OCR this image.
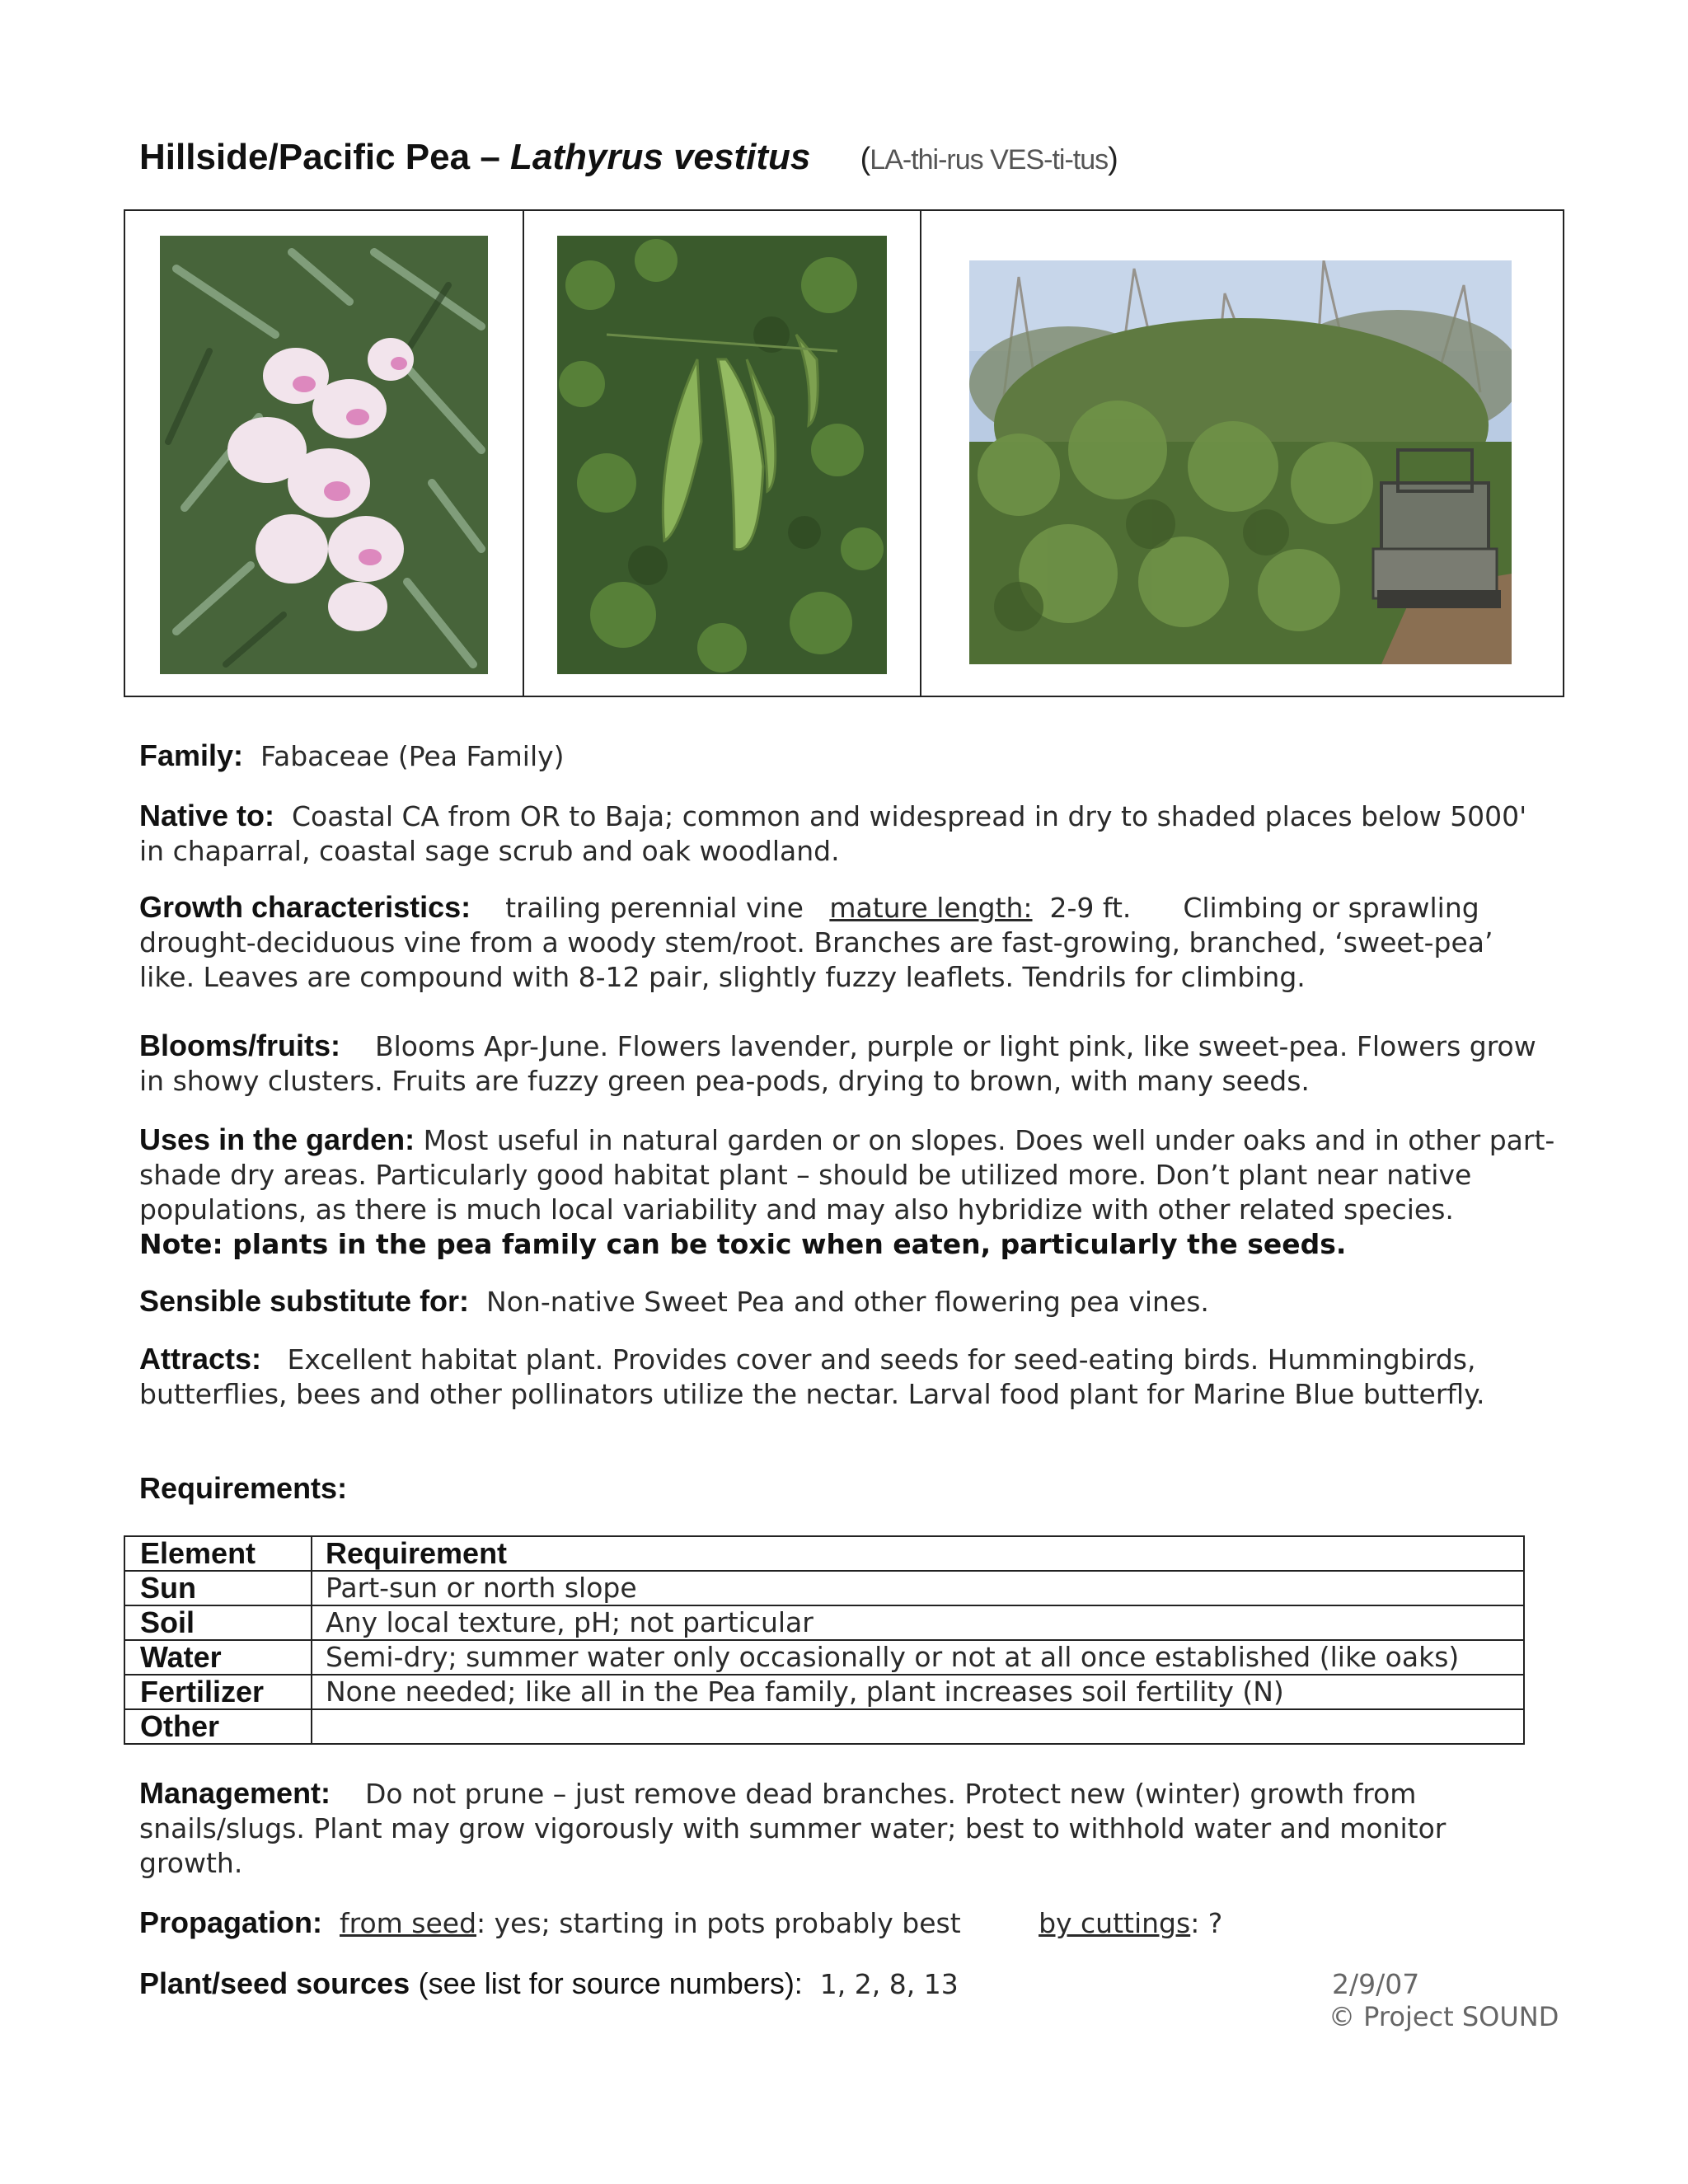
Hillside/Pacific Pea – Lathyrus vestitus (LA-thi-rus VES-ti-tus)
Family: Fabaceae (Pea Family)
Native to: Coastal CA from OR to Baja; common and widespread in dry to shaded places below 5000' in chaparral, coastal sage scrub and oak woodland.
Growth characteristics: trailing perennial vine mature length: 2-9 ft. Climbing or sprawling drought-deciduous vine from a woody stem/root. Branches are fast-growing, branched, ‘sweet-pea’ like. Leaves are compound with 8-12 pair, slightly fuzzy leaflets. Tendrils for climbing.
Blooms/fruits: Blooms Apr-June. Flowers lavender, purple or light pink, like sweet-pea. Flowers grow in showy clusters. Fruits are fuzzy green pea-pods, drying to brown, with many seeds.
Uses in the garden: Most useful in natural garden or on slopes. Does well under oaks and in other part-shade dry areas. Particularly good habitat plant – should be utilized more. Don’t plant near native populations, as there is much local variability and may also hybridize with other related species.   Note: plants in the pea family can be toxic when eaten, particularly the seeds.
Sensible substitute for: Non-native Sweet Pea and other flowering pea vines.
Attracts: Excellent habitat plant. Provides cover and seeds for seed-eating birds. Hummingbirds, butterflies, bees and other pollinators utilize the nectar. Larval food plant for Marine Blue butterfly.
Requirements:
Element	Requirement
Sun	Part-sun or north slope
Soil	Any local texture, pH; not particular
Water	Semi-dry; summer water only occasionally or not at all once established (like oaks)
Fertilizer	None needed; like all in the Pea family, plant increases soil fertility (N)
Other	
Management: Do not prune – just remove dead branches. Protect new (winter) growth from snails/slugs. Plant may grow vigorously with summer water; best to withhold water and monitor growth.
Propagation: from seed: yes; starting in pots probably best	by cuttings: ?
Plant/seed sources (see list for source numbers): 1, 2, 8, 13	2/9/07
© Project SOUND
